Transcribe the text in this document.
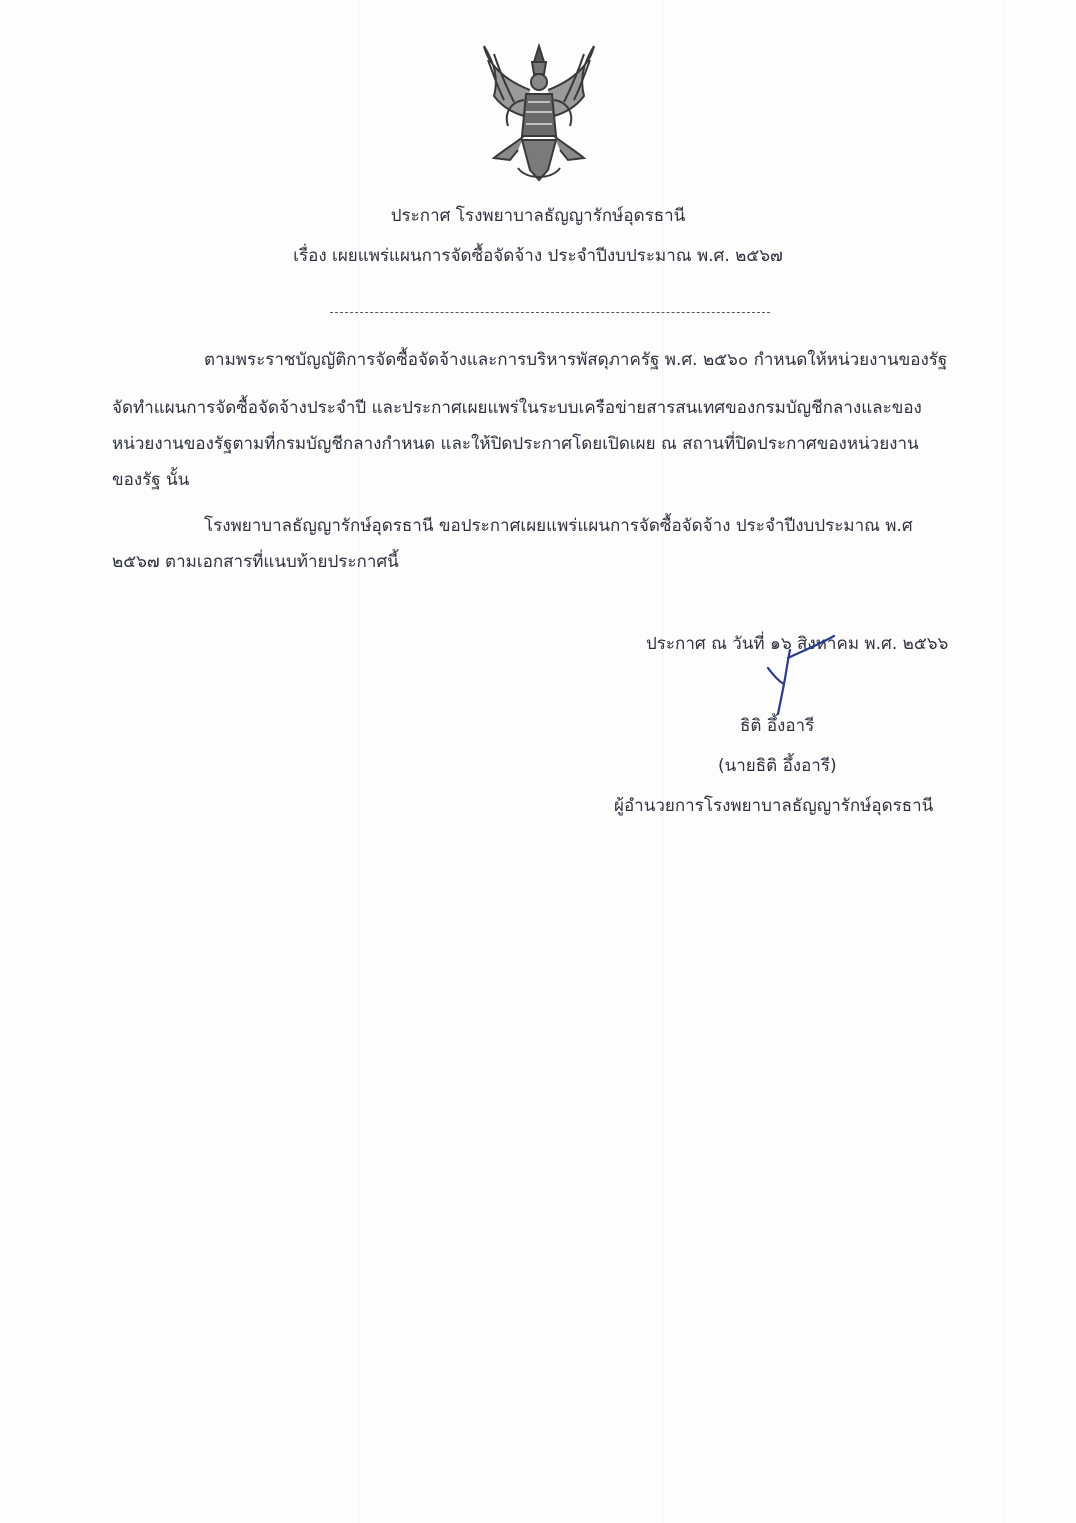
ประกาศ โรงพยาบาลธัญญารักษ์อุดรธานี
เรื่อง เผยแพร่แผนการจัดซื้อจัดจ้าง ประจำปีงบประมาณ พ.ศ. ๒๕๖๗
ตามพระราชบัญญัติการจัดซื้อจัดจ้างและการบริหารพัสดุภาครัฐ พ.ศ. ๒๕๖๐ กำหนดให้หน่วยงานของรัฐ
จัดทำแผนการจัดซื้อจัดจ้างประจำปี และประกาศเผยแพร่ในระบบเครือข่ายสารสนเทศของกรมบัญชีกลางและของ
หน่วยงานของรัฐตามที่กรมบัญชีกลางกำหนด และให้ปิดประกาศโดยเปิดเผย ณ สถานที่ปิดประกาศของหน่วยงาน
ของรัฐ นั้น
โรงพยาบาลธัญญารักษ์อุดรธานี ขอประกาศเผยแพร่แผนการจัดซื้อจัดจ้าง ประจำปีงบประมาณ พ.ศ
๒๕๖๗ ตามเอกสารที่แนบท้ายประกาศนี้
ประกาศ ณ วันที่ ๑๖ สิงหาคม พ.ศ. ๒๕๖๖
ธิติ อึ้งอารี
(นายธิติ อึ้งอารี)
ผู้อำนวยการโรงพยาบาลธัญญารักษ์อุดรธานี
